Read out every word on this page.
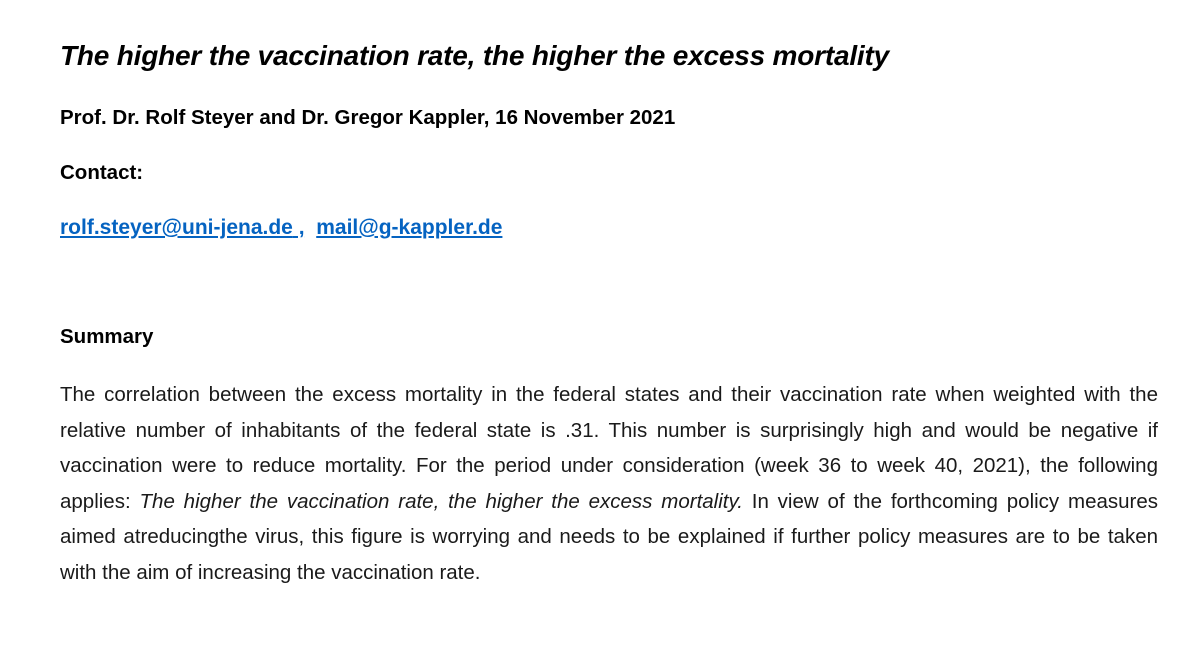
The higher the vaccination rate, the higher the excess mortality
Prof. Dr. Rolf Steyer and Dr. Gregor Kappler, 16 November 2021
Contact:
rolf.steyer@uni-jena.de , mail@g-kappler.de
Summary

The correlation between the excess mortality in the federal states and their vaccination rate when weighted with the relative number of inhabitants of the federal state is .31. This number is surprisingly high and would be negative if vaccination were to reduce mortality. For the period under consideration (week 36 to week 40, 2021), the following applies: The higher the vaccination rate, the higher the excess mortality. In view of the forthcoming policy measures aimed atreducingthe virus, this figure is worrying and needs to be explained if further policy measures are to be taken with the aim of increasing the vaccination rate.
